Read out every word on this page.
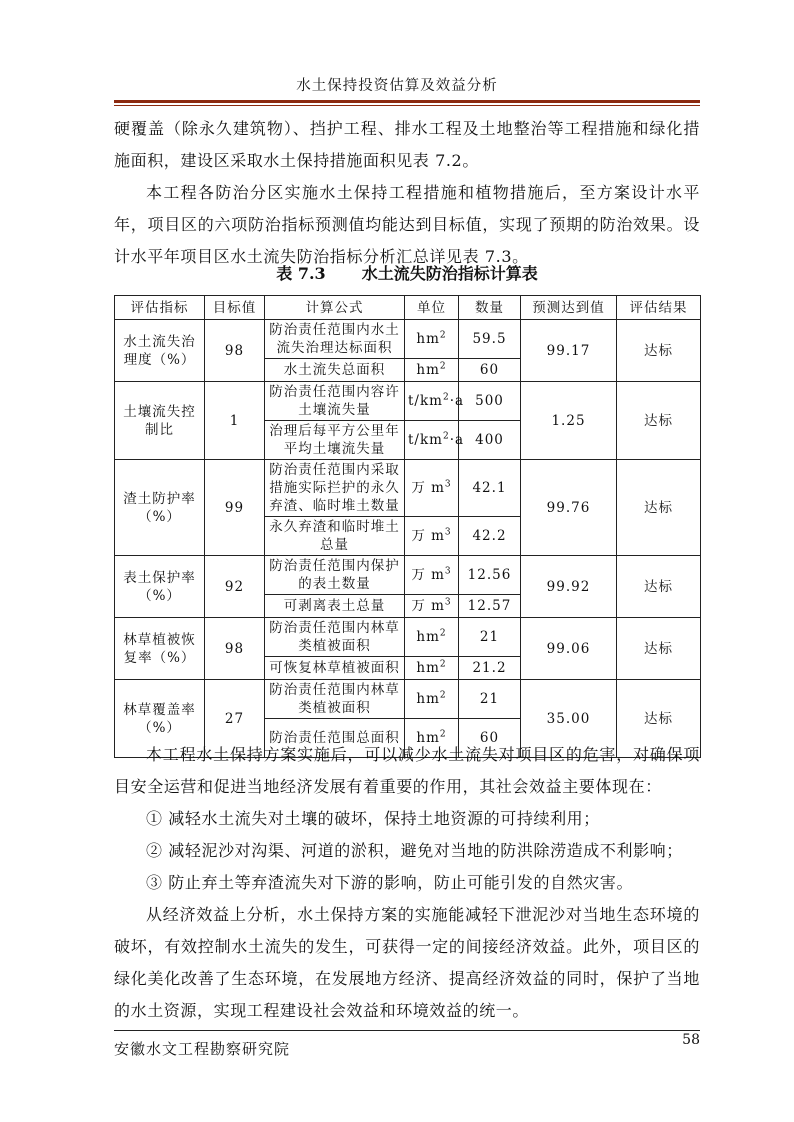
水土保持投资估算及效益分析

硬覆盖（除永久建筑物）、挡护工程、排水工程及土地整治等工程措施和绿化措施面积，建设区采取水土保持措施面积见表 7.2。

本工程各防治分区实施水土保持工程措施和植物措施后，至方案设计水平年，项目区的六项防治指标预测值均能达到目标值，实现了预期的防治效果。设计水平年项目区水土流失防治指标分析汇总详见表 7.3。

表 7.3 水土流失防治指标计算表
评估指标	目标值	计算公式	单位	数量	预测达到值	评估结果
水土流失治理度（%）	98	防治责任范围内水土流失治理达标面积	$hm^2$	59.5	99.17	达标
		水土流失总面积	$hm^2$	60		
土壤流失控制比	1	防治责任范围内容许土壤流失量	$t/km^2\cdot a$	500	1.25	达标
		治理后每平方公里年平均土壤流失量	$t/km^2\cdot a$	400		
渣土防护率（%）	99	防治责任范围内采取措施实际拦护的永久弃渣、临时堆土数量	万 $m^3$	42.1	99.76	达标
		永久弃渣和临时堆土总量	万 $m^3$	42.2		
表土保护率（%）	92	防治责任范围内保护的表土数量	万 $m^3$	12.56	99.92	达标
		可剥离表土总量	万 $m^3$	12.57		
林草植被恢复率（%）	98	防治责任范围内林草类植被面积	$hm^2$	21	99.06	达标
		可恢复林草植被面积	$hm^2$	21.2		
林草覆盖率（%）	27	防治责任范围内林草类植被面积	$hm^2$	21	35.00	达标
		防治责任范围总面积	$hm^2$	60		

本工程水土保持方案实施后，可以减少水土流失对项目区的危害，对确保项目安全运营和促进当地经济发展有着重要的作用，其社会效益主要体现在：

① 减轻水土流失对土壤的破坏，保持土地资源的可持续利用；

② 减轻泥沙对沟渠、河道的淤积，避免对当地的防洪除涝造成不利影响；

③ 防止弃土等弃渣流失对下游的影响，防止可能引发的自然灾害。

从经济效益上分析，水土保持方案的实施能减轻下泄泥沙对当地生态环境的破坏，有效控制水土流失的发生，可获得一定的间接经济效益。此外，项目区的绿化美化改善了生态环境，在发展地方经济、提高经济效益的同时，保护了当地的水土资源，实现工程建设社会效益和环境效益的统一。

安徽水文工程勘察研究院	58
